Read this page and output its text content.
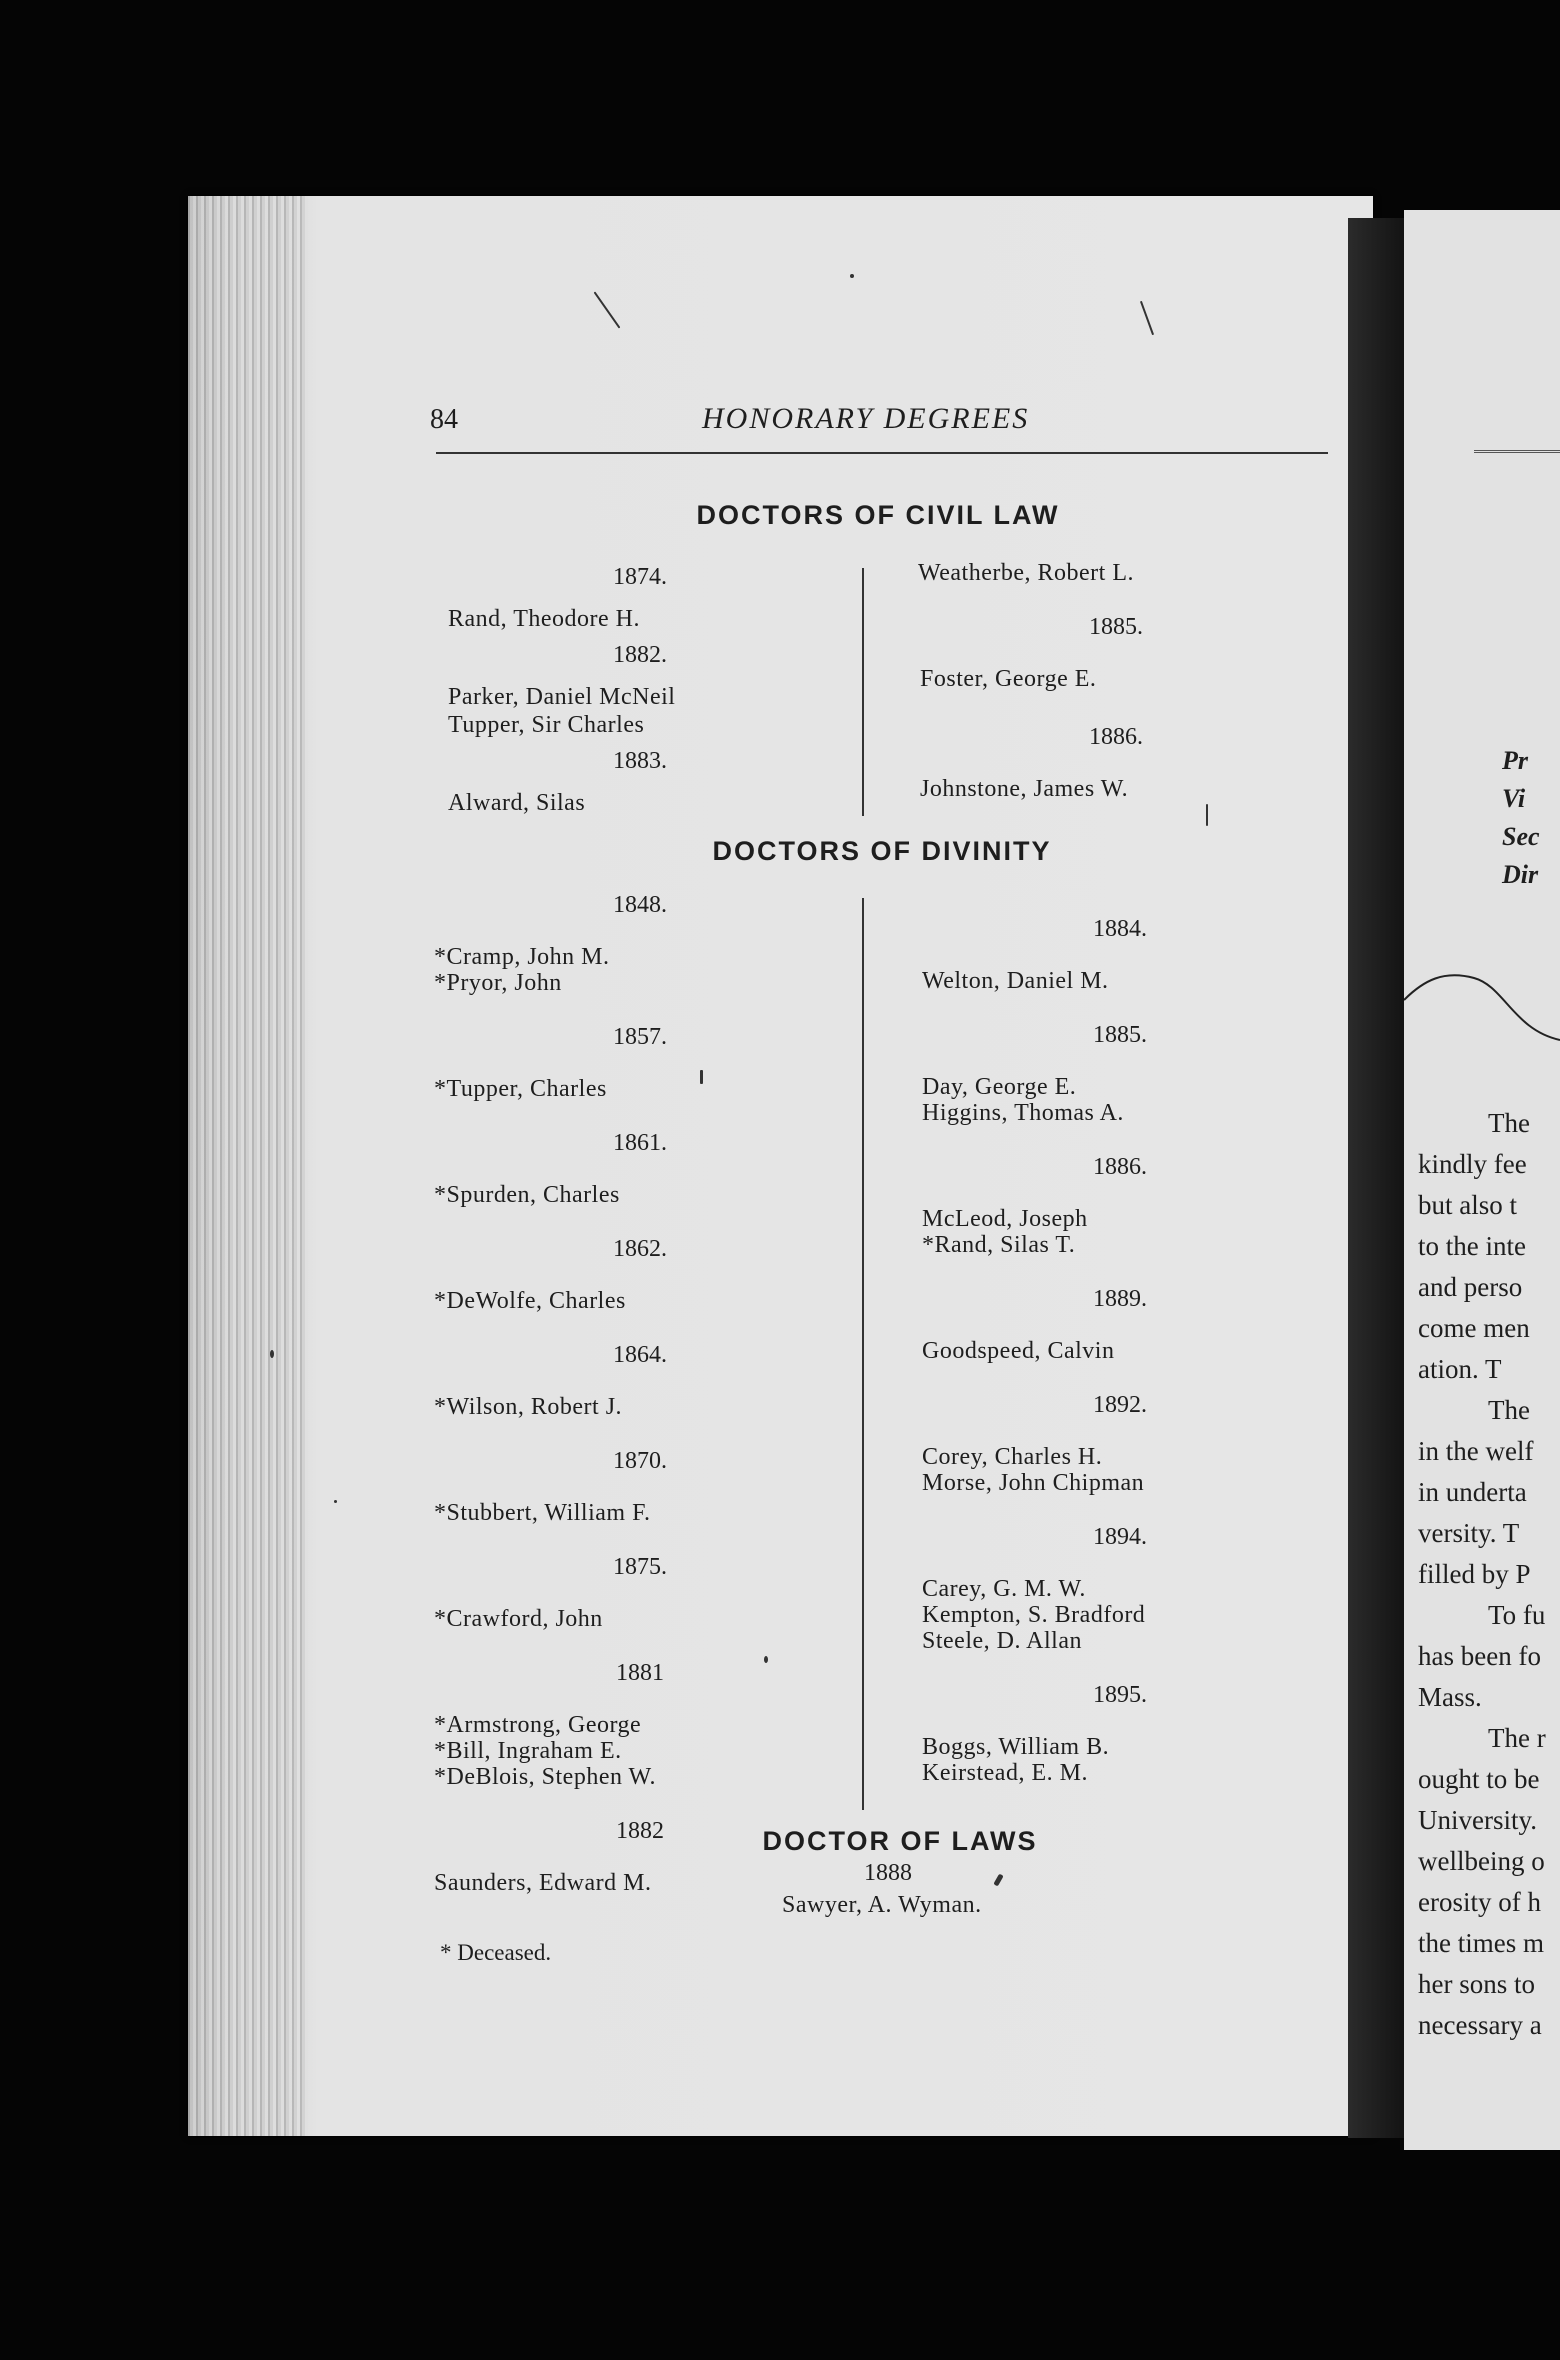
Pr
Vi
Sec
Dir
The
kindly fee
but also t
to the inte
and perso
come men
ation. T
The
in the welf
in underta
versity. T
filled by P
To fu
has been fo
Mass.
The r
ought to be
University.
wellbeing o
erosity of h
the times m
her sons to
necessary a
84	HONORARY DEGREES
DOCTORS OF CIVIL LAW
1874.
Rand, Theodore H.
1882.
Parker, Daniel McNeil
Tupper, Sir Charles
1883.
Alward, Silas
Weatherbe, Robert L.
1885.
Foster, George E.
1886.
Johnstone, James W.
DOCTORS OF DIVINITY
1848.
*Cramp, John M.
*Pryor, John
1857.
*Tupper, Charles
1861.
*Spurden, Charles
1862.
*DeWolfe, Charles
1864.
*Wilson, Robert J.
1870.
*Stubbert, William F.
1875.
*Crawford, John
1881
*Armstrong, George
*Bill, Ingraham E.
*DeBlois, Stephen W.
1882
Saunders, Edward M.
1884.
Welton, Daniel M.
1885.
Day, George E.
Higgins, Thomas A.
1886.
McLeod, Joseph
*Rand, Silas T.
1889.
Goodspeed, Calvin
1892.
Corey, Charles H.
Morse, John Chipman
1894.
Carey, G. M. W.
Kempton, S. Bradford
Steele, D. Allan
1895.
Boggs, William B.
Keirstead, E. M.
DOCTOR OF LAWS
1888
Sawyer, A. Wyman.
* Deceased.
